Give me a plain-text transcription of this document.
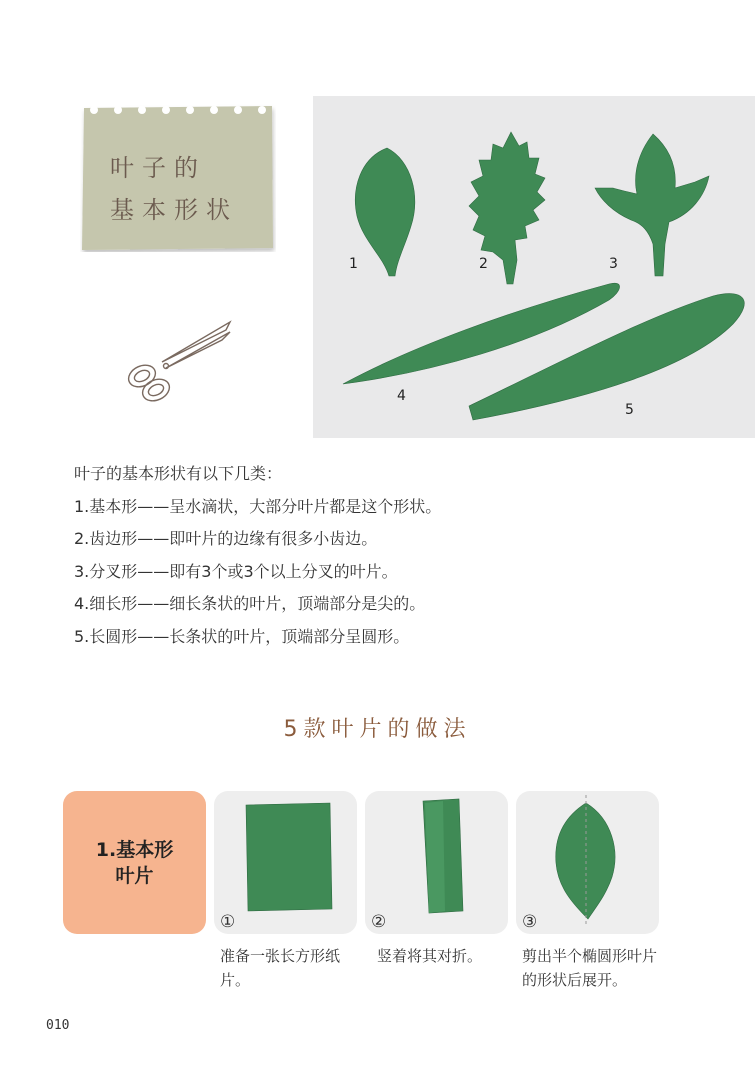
叶子的
基本形状
1	2	3
4
5

叶子的基本形状有以下几类：

1.基本形——呈水滴状，大部分叶片都是这个形状。

2.齿边形——即叶片的边缘有很多小齿边。

3.分叉形——即有3个或3个以上分叉的叶片。

4.细长形——细长条状的叶片，顶端部分是尖的。

5.长圆形——长条状的叶片，顶端部分呈圆形。

5款叶片的做法
1.基本形
叶片
①	②	③
准备一张长方形纸片。
竖着将其对折。	剪出半个椭圆形叶片的形状后展开。
010
